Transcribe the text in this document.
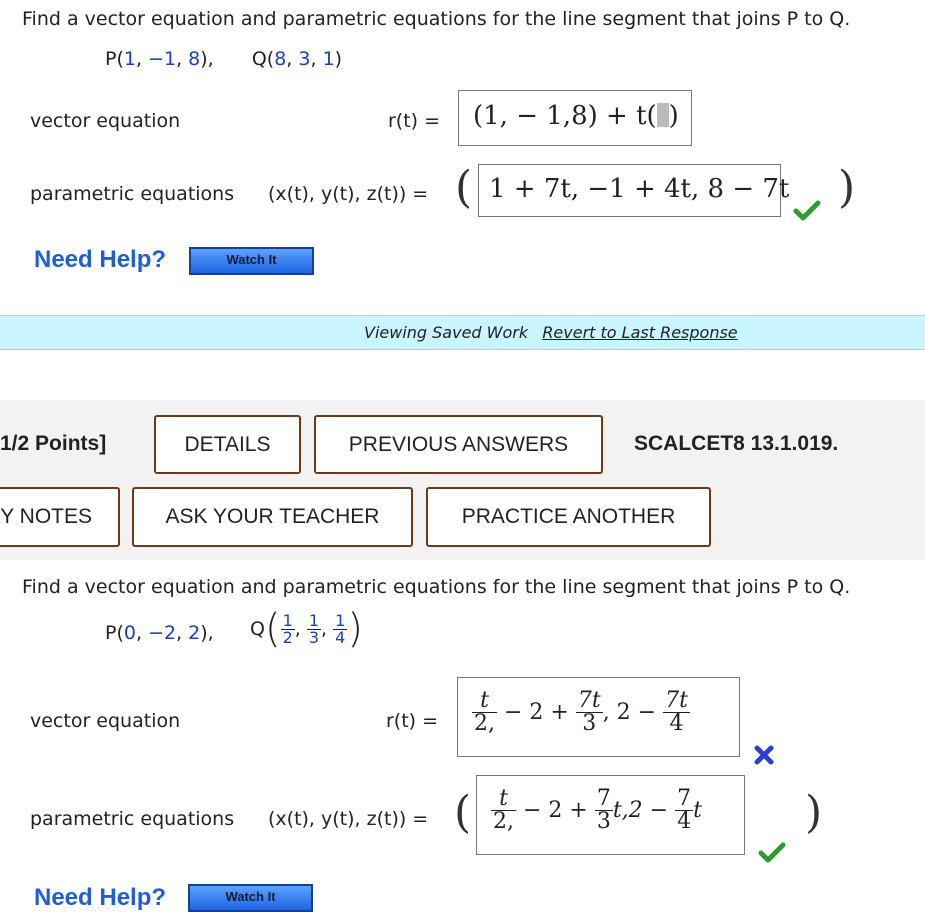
Find a vector equation and parametric equations for the line segment that joins P to Q.
P(1, −1, 8), Q(8, 3, 1)
vector equation	r(t) = (1, − 1,8) + t( )
parametric equations (x(t), y(t), z(t)) = ( 1 + 7t, −1 + 4t, 8 − 7t )
Need Help?	Watch It
Viewing Saved Work Revert to Last Response
1/2 Points]	DETAILS	PREVIOUS ANSWERS	SCALCET8 13.1.019.
Y NOTES	ASK YOUR TEACHER	PRACTICE ANOTHER
Find a vector equation and parametric equations for the line segment that joins P to Q.
P(0, −2, 2), $Q( \frac{1}{2}$ , $\frac{1}{3}$ , $\frac{1}{4}$ )
vector equation	$r(t) = \frac{t}{2,} - 2 + \frac{7t}{3}$ , $2 - \frac{7t}{4}$
parametric equations (x(t), y(t), z(t)) = ( $\frac{t}{2,} - 2 + \frac{7}{3} t,2 - \frac{7}{4}$ t )
Need Help?	Watch It
